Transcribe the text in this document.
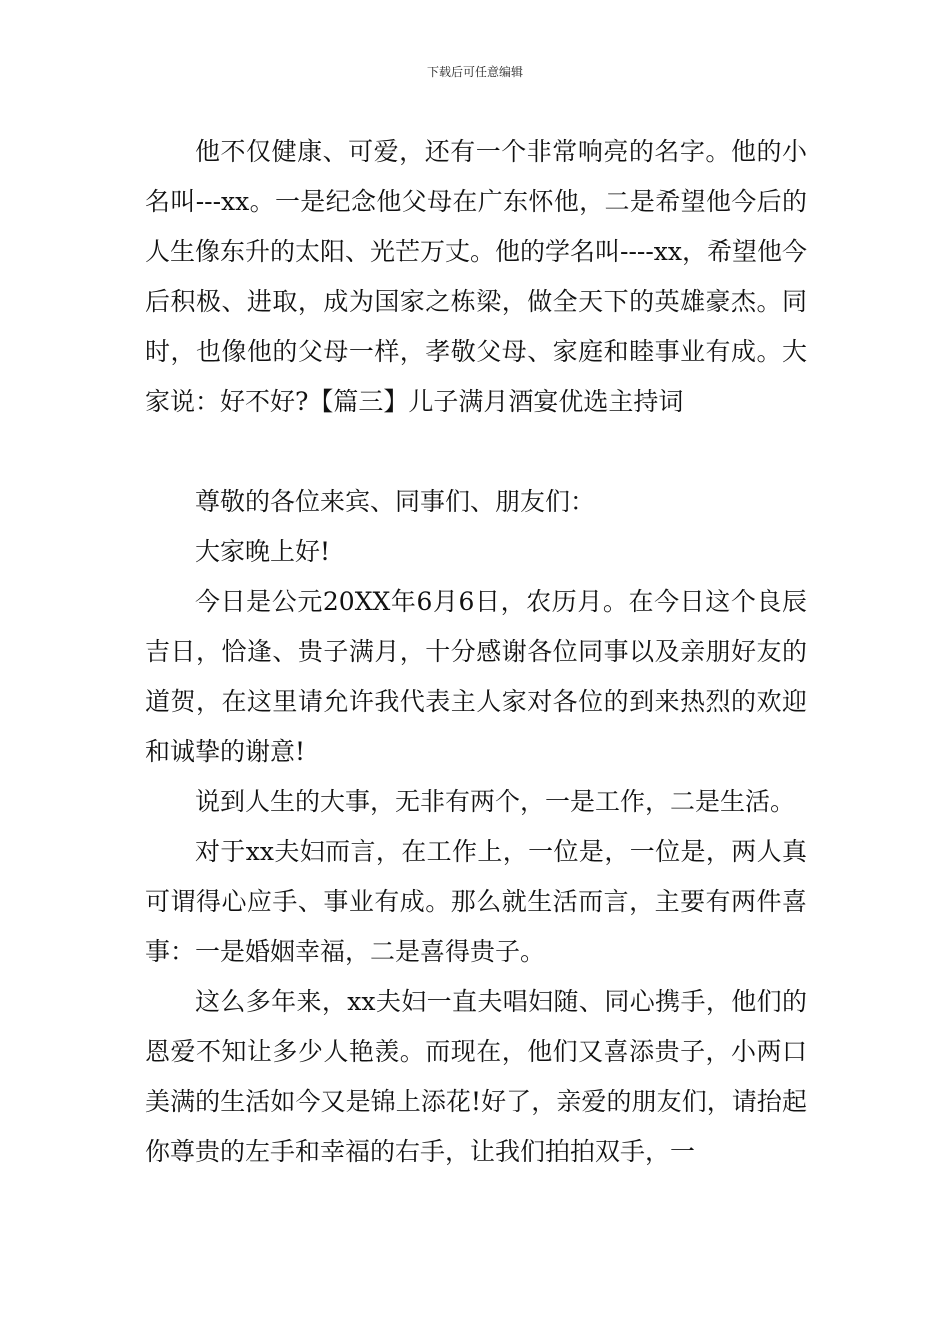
下载后可任意编辑

他不仅健康、可爱，还有一个非常响亮的名字。他的小名叫---xx。一是纪念他父母在广东怀他，二是希望他今后的人生像东升的太阳、光芒万丈。他的学名叫----xx，希望他今后积极、进取，成为国家之栋梁，做全天下的英雄豪杰。同时，也像他的父母一样，孝敬父母、家庭和睦事业有成。大家说：好不好?【篇三】儿子满月酒宴优选主持词

尊敬的各位来宾、同事们、朋友们：

大家晚上好!

今日是公元20XX年6月6日，农历月。在今日这个良辰吉日，恰逢、贵子满月，十分感谢各位同事以及亲朋好友的道贺，在这里请允许我代表主人家对各位的到来热烈的欢迎和诚挚的谢意!

说到人生的大事，无非有两个，一是工作，二是生活。

对于xx夫妇而言，在工作上，一位是，一位是，两人真可谓得心应手、事业有成。那么就生活而言，主要有两件喜事：一是婚姻幸福，二是喜得贵子。

这么多年来，xx夫妇一直夫唱妇随、同心携手，他们的恩爱不知让多少人艳羡。而现在，他们又喜添贵子，小两口美满的生活如今又是锦上添花!好了，亲爱的朋友们，请抬起你尊贵的左手和幸福的右手，让我们拍拍双手，一
